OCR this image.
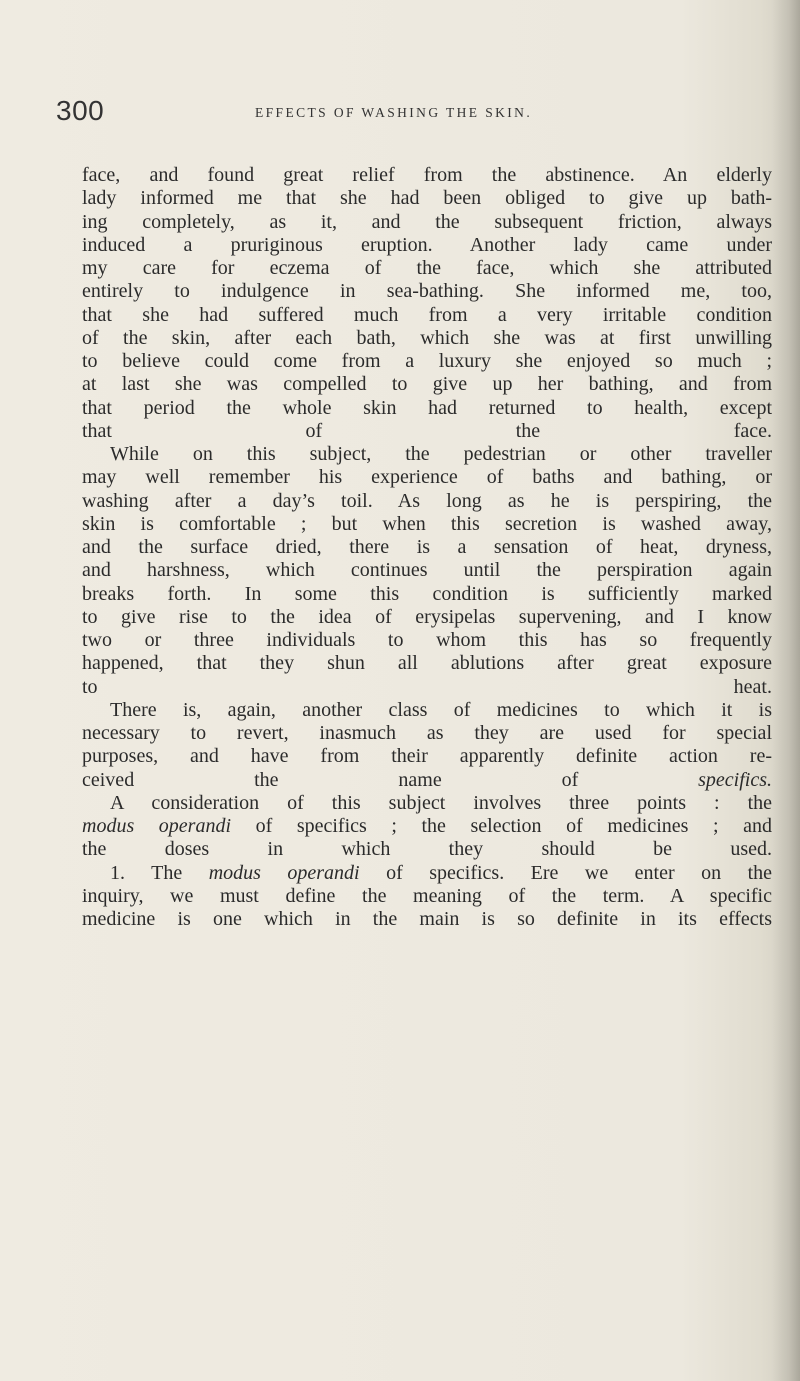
300	EFFECTS OF WASHING THE SKIN.

face, and found great relief from the abstinence. An elderly
lady informed me that she had been obliged to give up bath-
ing completely, as it, and the subsequent friction, always
induced a pruriginous eruption. Another lady came under
my care for eczema of the face, which she attributed
entirely to indulgence in sea-bathing. She informed me, too,
that she had suffered much from a very irritable condition
of the skin, after each bath, which she was at first unwilling
to believe could come from a luxury she enjoyed so much ;
at last she was compelled to give up her bathing, and from
that period the whole skin had returned to health, except
that of the face.

While on this subject, the pedestrian or other traveller
may well remember his experience of baths and bathing, or
washing after a day’s toil. As long as he is perspiring, the
skin is comfortable ; but when this secretion is washed away,
and the surface dried, there is a sensation of heat, dryness,
and harshness, which continues until the perspiration again
breaks forth. In some this condition is sufficiently marked
to give rise to the idea of erysipelas supervening, and I know
two or three individuals to whom this has so frequently
happened, that they shun all ablutions after great exposure
to heat.

There is, again, another class of medicines to which it is
necessary to revert, inasmuch as they are used for special
purposes, and have from their apparently definite action re-
ceived the name of	specifics.

A consideration of this subject involves three points : the
modus operandi of specifics ; the selection of medicines ; and
the doses in which they should be used.

1. The modus operandi of specifics. Ere we enter on the
inquiry, we must define the meaning of the term. A specific
medicine is one which in the main is so definite in its effects
